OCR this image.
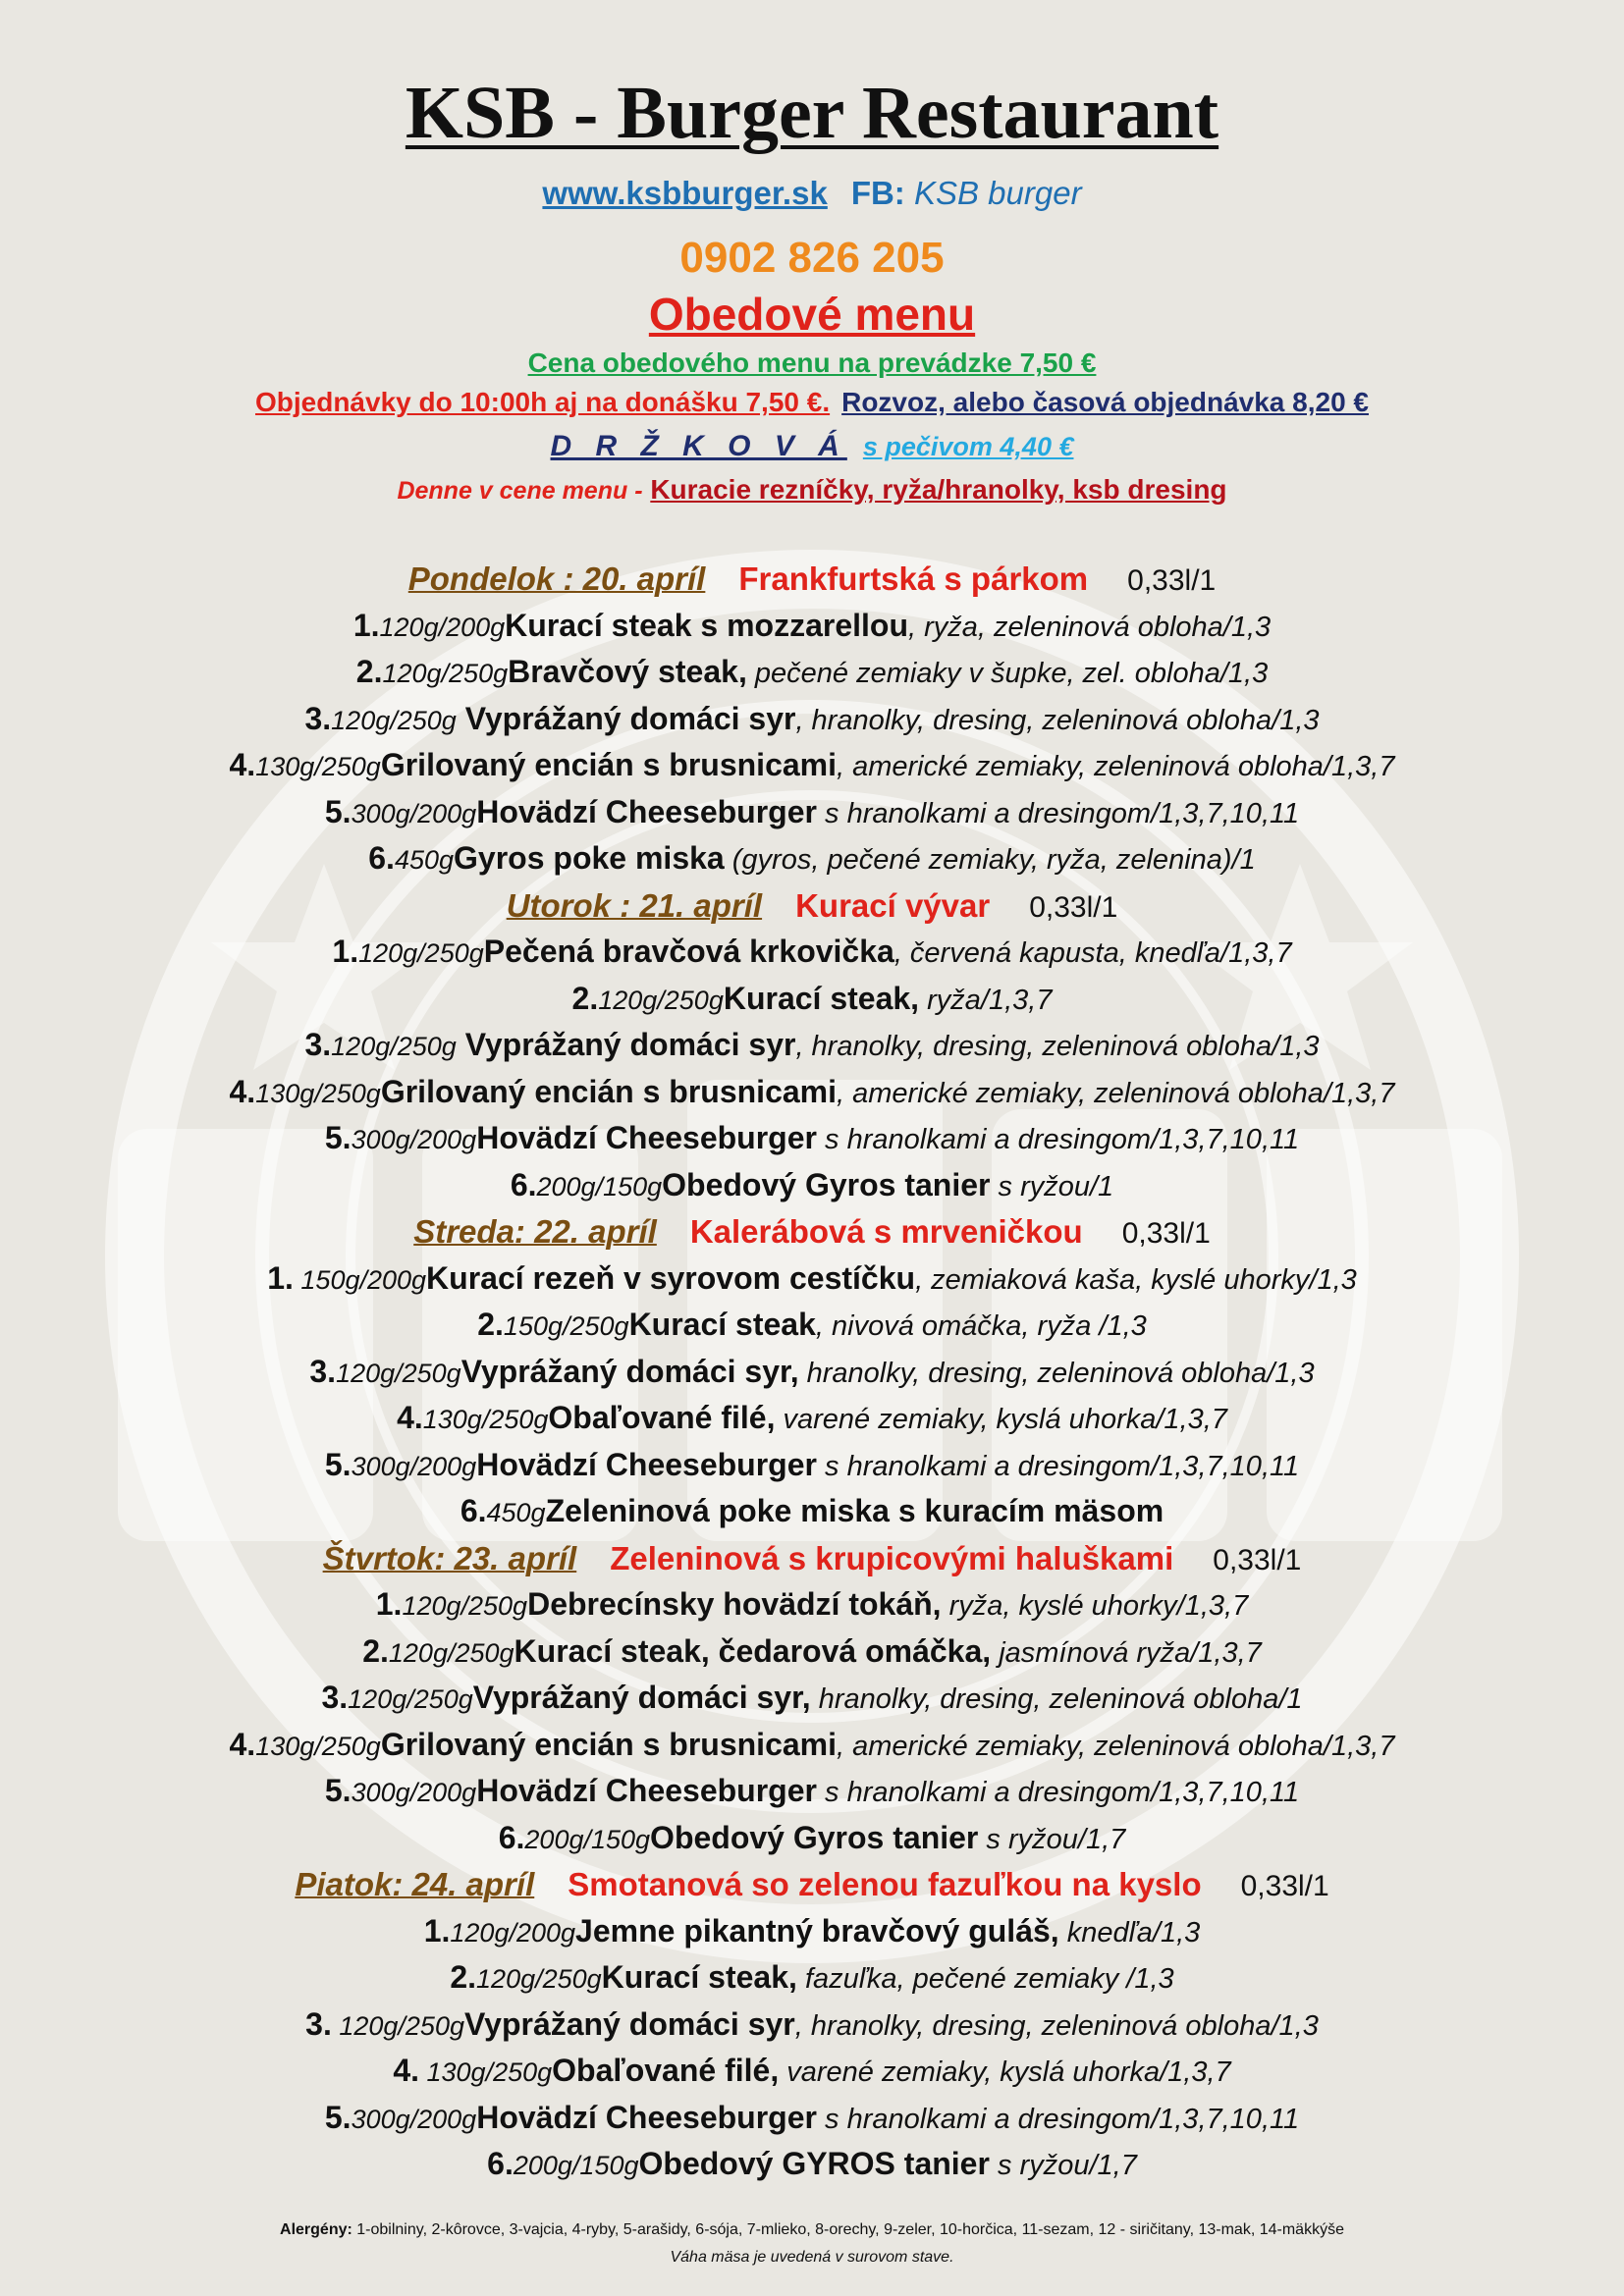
KSB - Burger Restaurant
www.ksbburger.sk FB: KSB burger
0902 826 205
Obedové menu
Cena obedového menu na prevádzke 7,50 €
Objednávky do 10:00h aj na donášku 7,50 €. Rozvoz, alebo časová objednávka 8,20 €
D R Ž K O V Á s pečivom 4,40 €
Denne v cene menu - Kuracie rezníčky, ryža/hranolky, ksb dresing
Pondelok : 20. apríl Frankfurtská s párkom 0,33l/1
1.120g/200gKurací steak s mozzarellou, ryža, zeleninová obloha/1,3
2.120g/250gBravčový steak, pečené zemiaky v šupke, zel. obloha/1,3
3.120g/250g Vyprážaný domáci syr, hranolky, dresing, zeleninová obloha/1,3
4.130g/250gGrilovaný encián s brusnicami, americké zemiaky, zeleninová obloha/1,3,7
5.300g/200gHovädzí Cheeseburger s hranolkami a dresingom/1,3,7,10,11
6.450gGyros poke miska (gyros, pečené zemiaky, ryža, zelenina)/1
Utorok : 21. apríl Kurací vývar 0,33l/1
1.120g/250gPečená bravčová krkovička, červená kapusta, knedľa/1,3,7
2.120g/250gKurací steak, ryža/1,3,7
3.120g/250g Vyprážaný domáci syr, hranolky, dresing, zeleninová obloha/1,3
4.130g/250gGrilovaný encián s brusnicami, americké zemiaky, zeleninová obloha/1,3,7
5.300g/200gHovädzí Cheeseburger s hranolkami a dresingom/1,3,7,10,11
6.200g/150gObedový Gyros tanier s ryžou/1
Streda: 22. apríl Kalerábová s mrveničkou 0,33l/1
1. 150g/200gKurací rezeň v syrovom cestíčku, zemiaková kaša, kyslé uhorky/1,3
2.150g/250gKurací steak, nivová omáčka, ryža /1,3
3.120g/250gVyprážaný domáci syr, hranolky, dresing, zeleninová obloha/1,3
4.130g/250gObaľované filé, varené zemiaky, kyslá uhorka/1,3,7
5.300g/200gHovädzí Cheeseburger s hranolkami a dresingom/1,3,7,10,11
6.450gZeleninová poke miska s kuracím mäsom
Štvrtok: 23. apríl Zeleninová s krupicovými haluškami 0,33l/1
1.120g/250gDebrecínsky hovädzí tokáň, ryža, kyslé uhorky/1,3,7
2.120g/250gKurací steak, čedarová omáčka, jasmínová ryža/1,3,7
3.120g/250gVyprážaný domáci syr, hranolky, dresing, zeleninová obloha/1
4.130g/250gGrilovaný encián s brusnicami, americké zemiaky, zeleninová obloha/1,3,7
5.300g/200gHovädzí Cheeseburger s hranolkami a dresingom/1,3,7,10,11
6.200g/150gObedový Gyros tanier s ryžou/1,7
Piatok: 24. apríl Smotanová so zelenou fazuľkou na kyslo 0,33l/1
1.120g/200gJemne pikantný bravčový guláš, knedľa/1,3
2.120g/250gKurací steak, fazuľka, pečené zemiaky /1,3
3. 120g/250gVyprážaný domáci syr, hranolky, dresing, zeleninová obloha/1,3
4. 130g/250gObaľované filé, varené zemiaky, kyslá uhorka/1,3,7
5.300g/200gHovädzí Cheeseburger s hranolkami a dresingom/1,3,7,10,11
6.200g/150gObedový GYROS tanier s ryžou/1,7
Alergény: 1-obilniny, 2-kôrovce, 3-vajcia, 4-ryby, 5-arašidy, 6-sója, 7-mlieko, 8-orechy, 9-zeler, 10-horčica, 11-sezam, 12 - siričitany, 13-mak, 14-mäkkýše
Váha mäsa je uvedená v surovom stave.
